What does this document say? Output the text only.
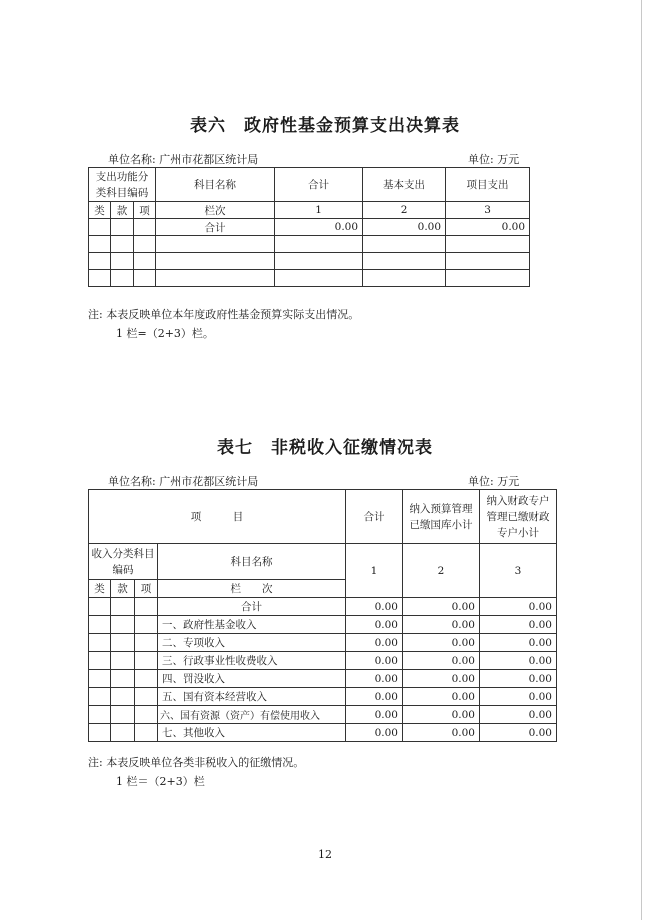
表六　政府性基金预算支出决算表
单位名称: 广州市花都区统计局	单位: 万元
支出功能分类科目编码			科目名称	合计	基本支出	项目支出
类	款	项	栏次	1	2	3
			合计	0.00	0.00	0.00

注: 本表反映单位本年度政府性基金预算实际支出情况。
1 栏=（2+3）栏。
表七　非税收入征缴情况表
单位名称: 广州市花都区统计局	单位: 万元
项　　　目				合计	纳入预算管理已缴国库小计	纳入财政专户管理已缴财政专户小计
收入分类科目编码			科目名称	1	2	3
类	款	项	栏　　次			
			合计	0.00	0.00	0.00
			一、政府性基金收入	0.00	0.00	0.00
			二、专项收入	0.00	0.00	0.00
			三、行政事业性收费收入	0.00	0.00	0.00
			四、罚没收入	0.00	0.00	0.00
			五、国有资本经营收入	0.00	0.00	0.00
			六、国有资源（资产）有偿使用收入	0.00	0.00	0.00
			七、其他收入	0.00	0.00	0.00
注: 本表反映单位各类非税收入的征缴情况。
1 栏＝（2+3）栏
12
